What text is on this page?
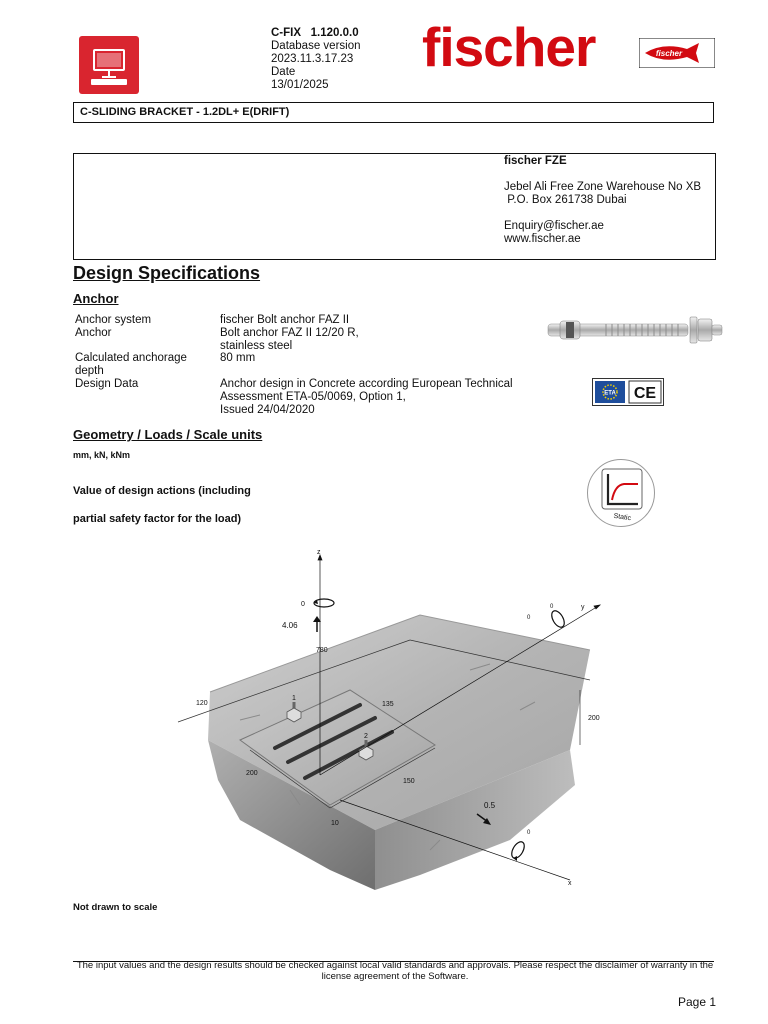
C-FIX 1.120.0.0
Database version
2023.11.3.17.23
Date
13/01/2025
fischer	fischer
C-SLIDING BRACKET - 1.2DL+ E(DRIFT)
fischer FZE
Jebel Ali Free Zone Warehouse No XB
P.O. Box 261738 Dubai
Enquiry@fischer.ae
www.fischer.ae
Design Specifications
Anchor
Anchor system	fischer Bolt anchor FAZ II
Anchor	Bolt anchor FAZ II 12/20 R,
stainless steel
Calculated anchorage
depth
80 mm
Design Data	Anchor design in Concrete according European Technical
Assessment ETA-05/0069, Option 1,
Issued 24/04/2020
ETA CE
Geometry / Loads / Scale units
mm, kN, kNm
Value of design actions (including
partial safety factor for the load)	Static
1
2
z
y
x
0
4.06
0
0
0.5
0
780
120	135
200
200
150
10
Not drawn to scale
The input values and the design results should be checked against local valid standards and approvals. Please respect the disclaimer of warranty in the license agreement of the Software.
Page 1
